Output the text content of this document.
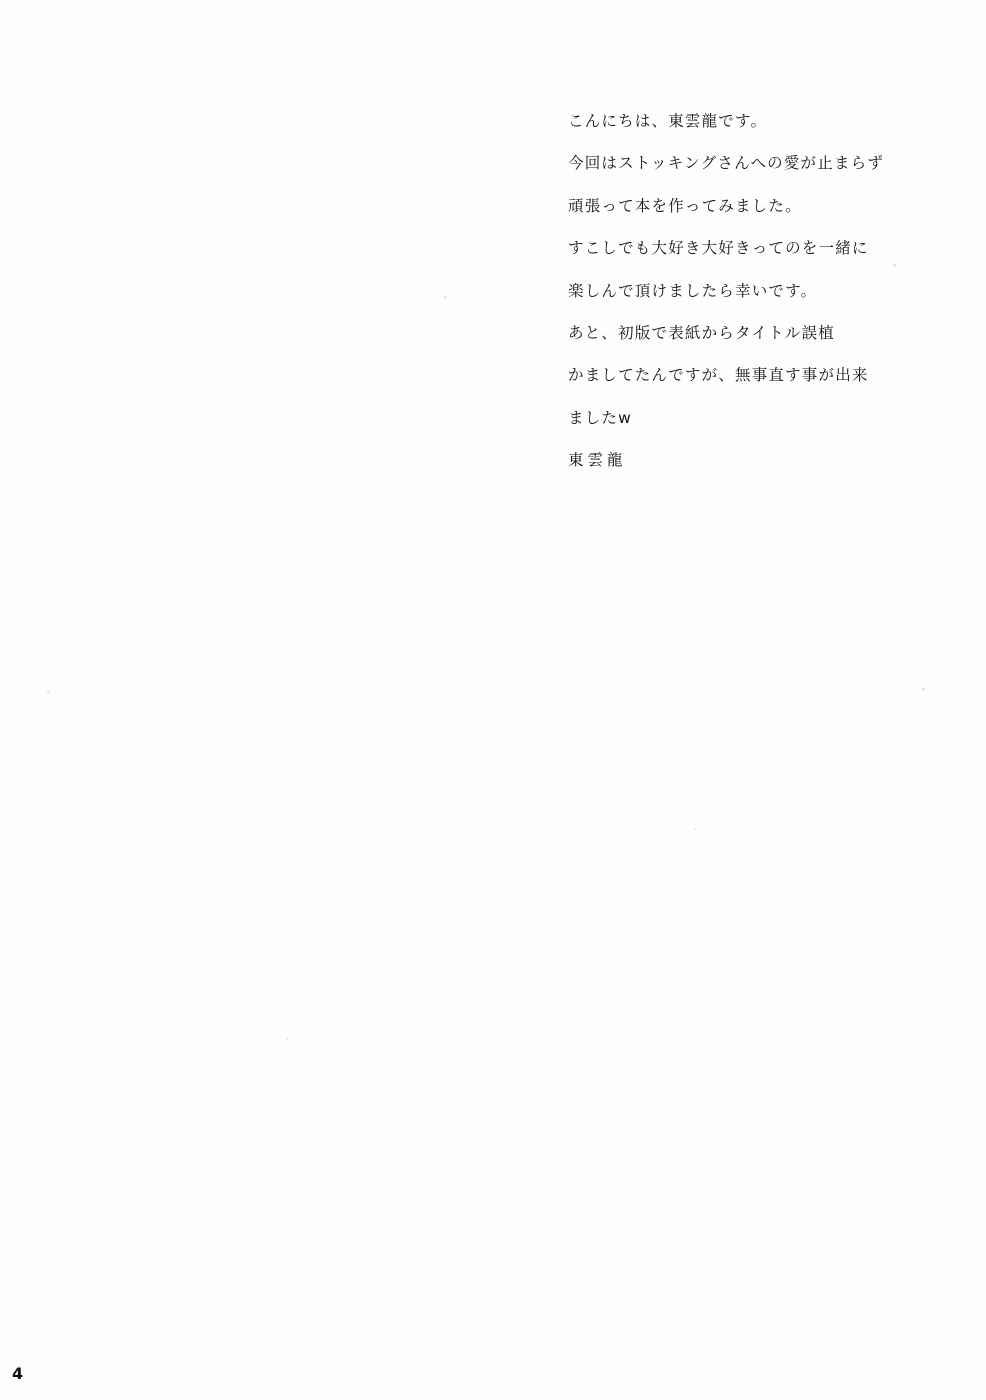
こんにちは、東雲龍です。

今回はストッキングさんへの愛が止まらず

頑張って本を作ってみました。

すこしでも大好き大好きってのを一緒に

楽しんで頂けましたら幸いです。

あと、初版で表紙からタイトル誤植

かましてたんですが、無事直す事が出来

ましたw

東雲龍

4
